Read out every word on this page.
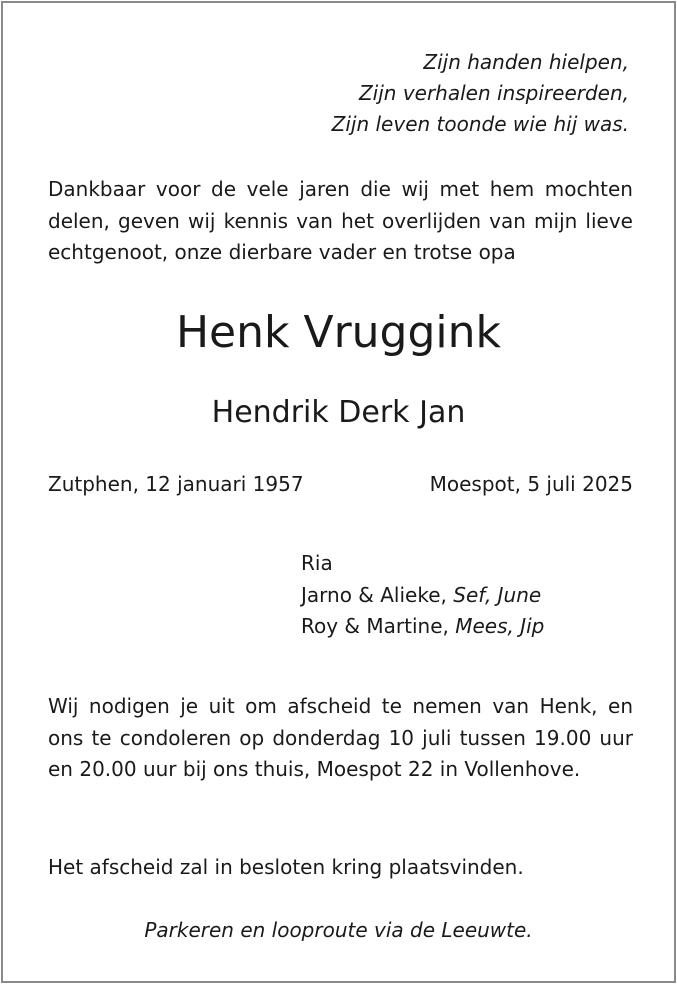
Zijn handen hielpen,
Zijn verhalen inspireerden,
Zijn leven toonde wie hij was.
Dankbaar voor de vele jaren die wij met hem mochten delen, geven wij kennis van het overlijden van mijn lieve echtgenoot, onze dierbare vader en trotse opa
Henk Vruggink
Hendrik Derk Jan
Zutphen, 12 januari 1957	Moespot, 5 juli 2025
Ria
Jarno & Alieke, Sef, June
Roy & Martine, Mees, Jip
Wij nodigen je uit om afscheid te nemen van Henk, en ons te condoleren op donderdag 10 juli tussen 19.00 uur en 20.00 uur bij ons thuis, Moespot 22 in Vollenhove.
Het afscheid zal in besloten kring plaatsvinden.
Parkeren en looproute via de Leeuwte.
